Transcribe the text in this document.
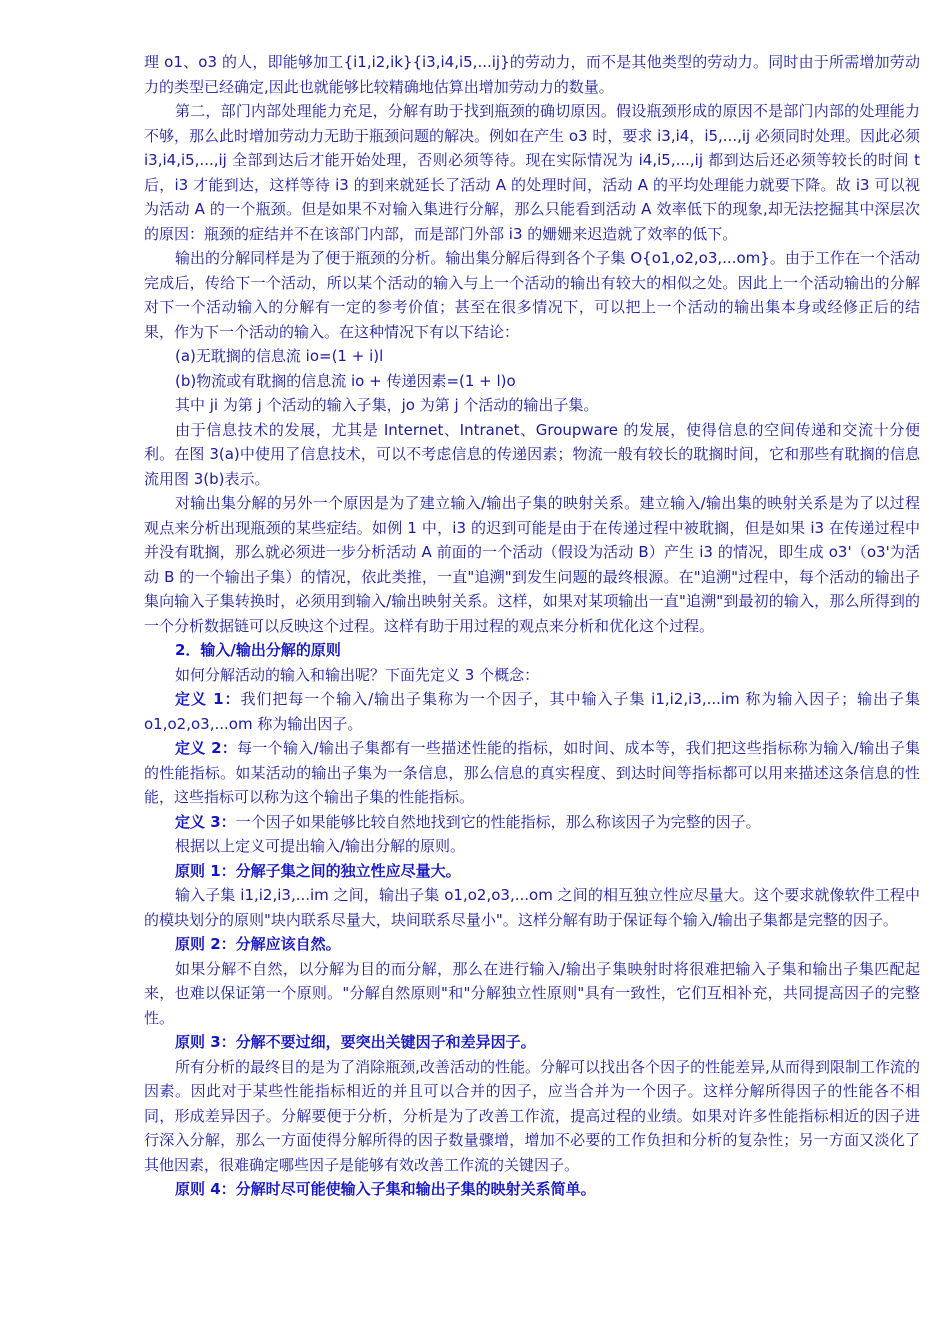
理 o1、o3 的人，即能够加工{i1,i2,ik}{i3,i4,i5,...ij}的劳动力，而不是其他类型的劳动力。同时由于所需增加劳动力的类型已经确定,因此也就能够比较精确地估算出增加劳动力的数量。

第二，部门内部处理能力充足，分解有助于找到瓶颈的确切原因。假设瓶颈形成的原因不是部门内部的处理能力不够，那么此时增加劳动力无助于瓶颈问题的解决。例如在产生 o3 时，要求 i3,i4，i5,...,ij 必须同时处理。因此必须 i3,i4,i5,...,ij 全部到达后才能开始处理，否则必须等待。现在实际情况为 i4,i5,...,ij 都到达后还必须等较长的时间 t 后，i3 才能到达，这样等待 i3 的到来就延长了活动 A 的处理时间，活动 A 的平均处理能力就要下降。故 i3 可以视为活动 A 的一个瓶颈。但是如果不对输入集进行分解，那么只能看到活动 A 效率低下的现象,却无法挖掘其中深层次的原因：瓶颈的症结并不在该部门内部，而是部门外部 i3 的姗姗来迟造就了效率的低下。

输出的分解同样是为了便于瓶颈的分析。输出集分解后得到各个子集 O{o1,o2,o3,...om}。由于工作在一个活动完成后，传给下一个活动，所以某个活动的输入与上一个活动的输出有较大的相似之处。因此上一个活动输出的分解对下一个活动输入的分解有一定的参考价值；甚至在很多情况下，可以把上一个活动的输出集本身或经修正后的结果，作为下一个活动的输入。在这种情况下有以下结论：

(a)无耽搁的信息流 io=(1 + i)l

(b)物流或有耽搁的信息流 io + 传递因素=(1 + l)o

其中 ji 为第 j 个活动的输入子集，jo 为第 j 个活动的输出子集。

由于信息技术的发展，尤其是 Internet、Intranet、Groupware 的发展，使得信息的空间传递和交流十分便利。在图 3(a)中使用了信息技术，可以不考虑信息的传递因素；物流一般有较长的耽搁时间，它和那些有耽搁的信息流用图 3(b)表示。

对输出集分解的另外一个原因是为了建立输入/输出子集的映射关系。建立输入/输出集的映射关系是为了以过程观点来分析出现瓶颈的某些症结。如例 1 中，i3 的迟到可能是由于在传递过程中被耽搁，但是如果 i3 在传递过程中并没有耽搁，那么就必须进一步分析活动 A 前面的一个活动（假设为活动 B）产生 i3 的情况，即生成 o3'（o3'为活动 B 的一个输出子集）的情况，依此类推，一直"追溯"到发生问题的最终根源。在"追溯"过程中，每个活动的输出子集向输入子集转换时，必须用到输入/输出映射关系。这样，如果对某项输出一直"追溯"到最初的输入，那么所得到的一个分析数据链可以反映这个过程。这样有助于用过程的观点来分析和优化这个过程。

2．输入/输出分解的原则

如何分解活动的输入和输出呢？下面先定义 3 个概念：

定义 1：我们把每一个输入/输出子集称为一个因子，其中输入子集 i1,i2,i3,...im 称为输入因子；输出子集 o1,o2,o3,...om 称为输出因子。

定义 2：每一个输入/输出子集都有一些描述性能的指标，如时间、成本等，我们把这些指标称为输入/输出子集的性能指标。如某活动的输出子集为一条信息，那么信息的真实程度、到达时间等指标都可以用来描述这条信息的性能，这些指标可以称为这个输出子集的性能指标。

定义 3：一个因子如果能够比较自然地找到它的性能指标，那么称该因子为完整的因子。

根据以上定义可提出输入/输出分解的原则。

原则 1：分解子集之间的独立性应尽量大。

输入子集 i1,i2,i3,...im 之间，输出子集 o1,o2,o3,...om 之间的相互独立性应尽量大。这个要求就像软件工程中的模块划分的原则"块内联系尽量大，块间联系尽量小"。这样分解有助于保证每个输入/输出子集都是完整的因子。

原则 2：分解应该自然。

如果分解不自然，以分解为目的而分解，那么在进行输入/输出子集映射时将很难把输入子集和输出子集匹配起来，也难以保证第一个原则。"分解自然原则"和"分解独立性原则"具有一致性，它们互相补充，共同提高因子的完整性。

原则 3：分解不要过细，要突出关键因子和差异因子。

所有分析的最终目的是为了消除瓶颈,改善活动的性能。分解可以找出各个因子的性能差异,从而得到限制工作流的因素。因此对于某些性能指标相近的并且可以合并的因子，应当合并为一个因子。这样分解所得因子的性能各不相同，形成差异因子。分解要便于分析，分析是为了改善工作流，提高过程的业绩。如果对许多性能指标相近的因子进行深入分解，那么一方面使得分解所得的因子数量骤增，增加不必要的工作负担和分析的复杂性；另一方面又淡化了其他因素，很难确定哪些因子是能够有效改善工作流的关键因子。

原则 4：分解时尽可能使输入子集和输出子集的映射关系简单。
